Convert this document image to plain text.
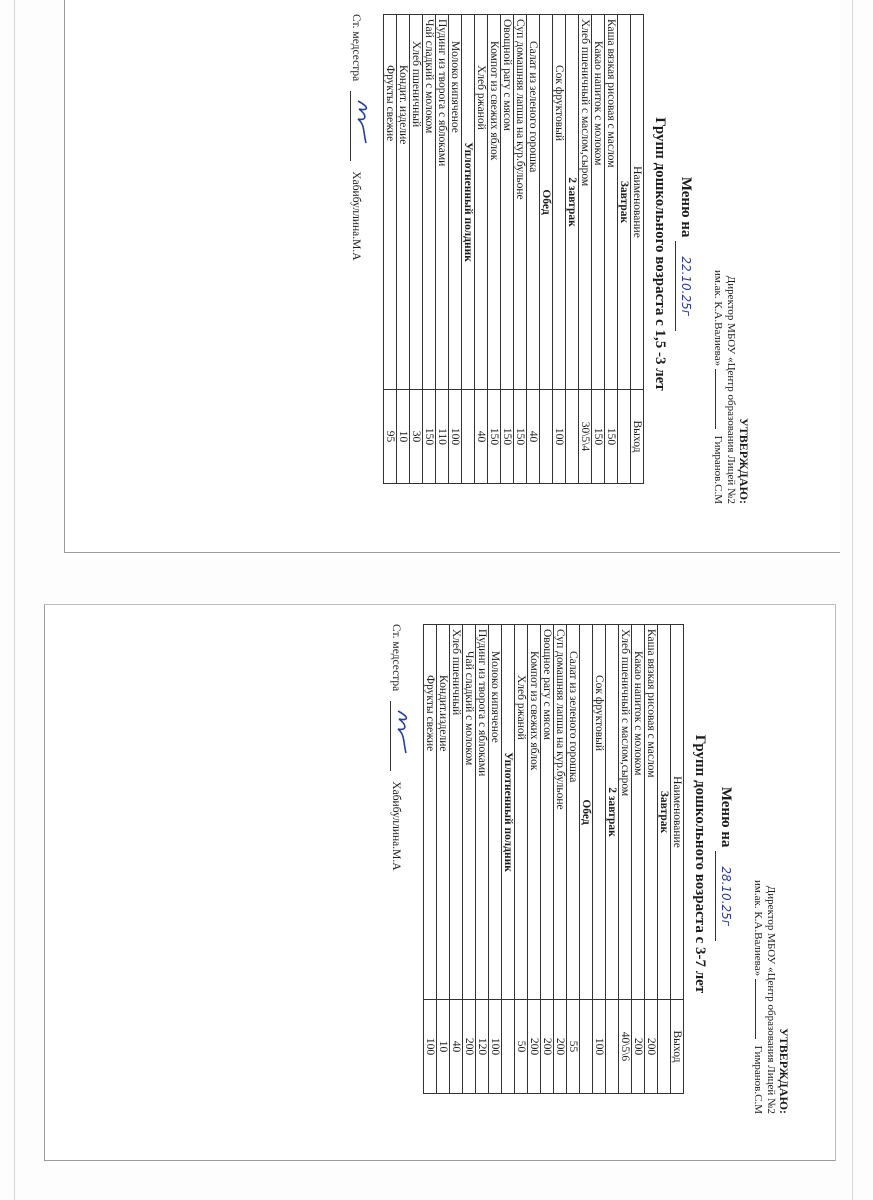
УТВЕРЖДАЮ:
Директор МБОУ «Центр образования Лицей №2
им.ак. К.А.Валиева»  Гимранов.С.М
Меню на 22.10.25г
Групп дошкольного возраста с 1,5 -3 лет
Наименование	Выход
Завтрак	
Каша вязкая рисовая с маслом	150
Какао напиток с молоком	150
Хлеб пшеничный с маслом,сыром	30\5\4
2 завтрак	
Сок фруктовый	100
Обед	
Салат из зеленого горошка	40
Суп домашняя лапша на кур.бульоне	150
Овощной рагу с мясом	150
Компот из свежих яблок	150
Хлеб ржаной	40
Уплотненный полдник	
Молоко кипяченое	100
Пудинг из творога с яблоками	110
Чай сладкий с молоком	150
Хлеб пшеничный	30
Кондит. изделие	10
Фрукты свежие	95
Ст. медсестра
Хабибуллина.М.А
УТВЕРЖДАЮ:
Директор МБОУ «Центр образования Лицей №2
им.ак. К.А.Валиева»  Гимранов.С.М
Меню на 28.10.25г
Групп дошкольного возраста с 3-7 лет
Наименование	Выход
Завтрак	
Каша вязкая рисовая с маслом	200
Какао напиток с молоком	200
Хлеб пшеничный с маслом,сыром	40\5\6
2 завтрак	
Сок фруктовый	100
Обед	
Салат из зеленого горошка	55
Суп домашняя лапша на кур.бульоне	200
Овощное рагу с мясом	200
Компот из свежих яблок	200
Хлеб ржаной	50
Уплотненный полдник	
Молоко кипяченое	100
Пудинг из творога с яблоками	120
Чай сладкий с молоком	200
Хлеб пшеничный	40
Кондит.изделие	10
Фрукты свежие	100
Ст. медсестра
Хабибуллина.М.А
